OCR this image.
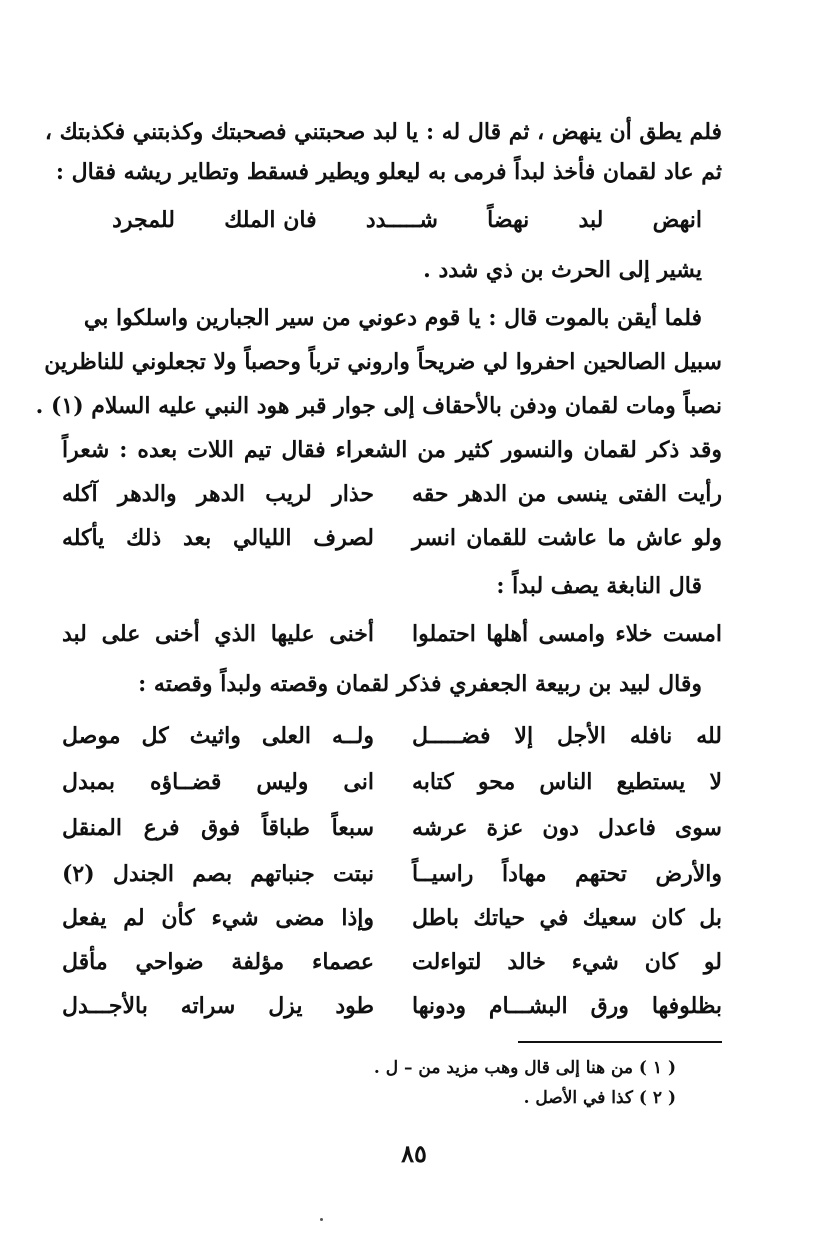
فلم يطق أن ينهض ، ثم قال له : يا لبد صحبتني فصحبتك وكذبتني فكذبتك ،
ثم عاد لقمان فأخذ لبداً فرمى به ليعلو ويطير فسقط وتطاير ريشه فقال :
انهض
لبد
نهضاً
شـــــدد
فان الملك
للمجرد
يشير إلى الحرث بن ذي شدد .
فلما أيقن بالموت قال : يا قوم دعوني من سير الجبارين واسلكوا بي
سبيل الصالحين احفروا لي ضريحاً واروني ترباً وحصباً ولا تجعلوني للناظرين
نصباً ومات لقمان ودفن بالأحقاف إلى جوار قبر هود النبي عليه السلام (١) .
وقد ذكر لقمان والنسور كثير من الشعراء فقال تيم اللات بعده : شعراً
رأيت الفتى ينسى من الدهر حقه
حذار لريب الدهر والدهر آكله
ولو عاش ما عاشت للقمان انسر
لصرف الليالي بعد ذلك يأكله
قال النابغة يصف لبداً :
امست خلاء وامسى أهلها احتملوا
أخنى عليها الذي أخنى على لبد
وقال لبيد بن ربيعة الجعفري فذكر لقمان وقصته ولبداً وقصته :
لله نافله الأجل إلا فضـــــل
ولــه العلى واثيث كل موصل
لا يستطيع الناس محو كتابه
انى وليس قضــاؤه بمبدل
سوى فاعدل دون عزة عرشه
سبعاً طباقاً فوق فرع المنقل
والأرض تحتهم مهاداً راسيــاً
نبتت جنباتهم بصم الجندل (٢)
بل كان سعيك في حياتك باطل
وإذا مضى شيء كأن لم يفعل
لو كان شيء خالد لتواءلت
عصماء مؤلفة ضواحي مأقل
بظلوفها ورق البشـــام ودونها
طود يزل سراته بالأجـــدل
( ١ ) من هنا إلى قال وهب مزيد من – ل .
( ٢ ) كذا في الأصل .
٨٥
